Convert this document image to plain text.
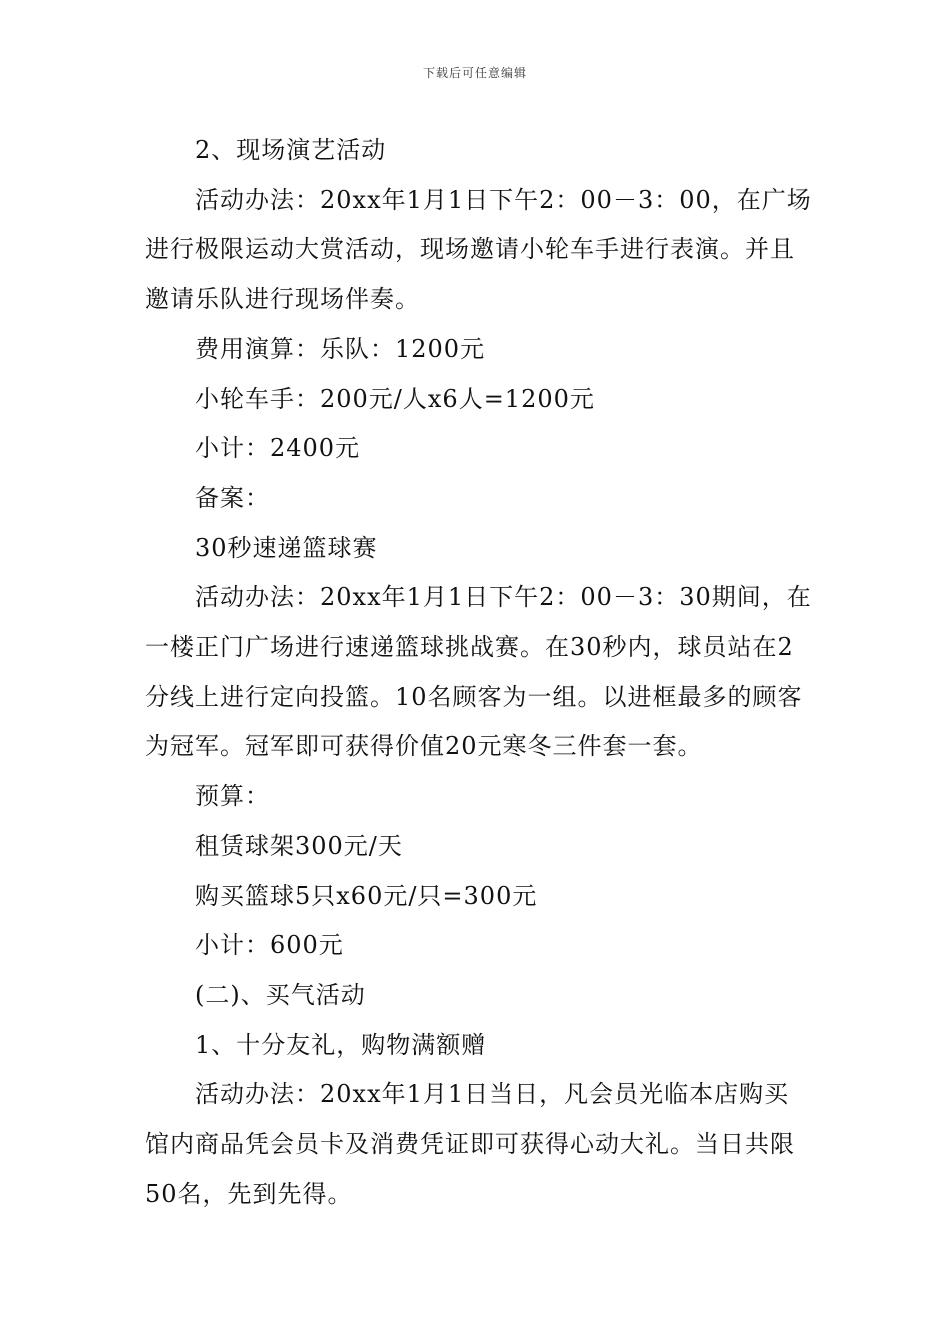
下载后可任意编辑

2、现场演艺活动

活动办法：20xx年1月1日下午2：00－3：00，在广场进行极限运动大赏活动，现场邀请小轮车手进行表演。并且邀请乐队进行现场伴奏。

费用演算：乐队：1200元

小轮车手：200元/人x6人=1200元

小计：2400元

备案：

30秒速递篮球赛

活动办法：20xx年1月1日下午2：00－3：30期间，在一楼正门广场进行速递篮球挑战赛。在30秒内，球员站在2分线上进行定向投篮。10名顾客为一组。以进框最多的顾客为冠军。冠军即可获得价值20元寒冬三件套一套。

预算：

租赁球架300元/天

购买篮球5只x60元/只=300元

小计：600元

(二)、买气活动

1、十分友礼，购物满额赠

活动办法：20xx年1月1日当日，凡会员光临本店购买馆内商品凭会员卡及消费凭证即可获得心动大礼。当日共限50名，先到先得。
